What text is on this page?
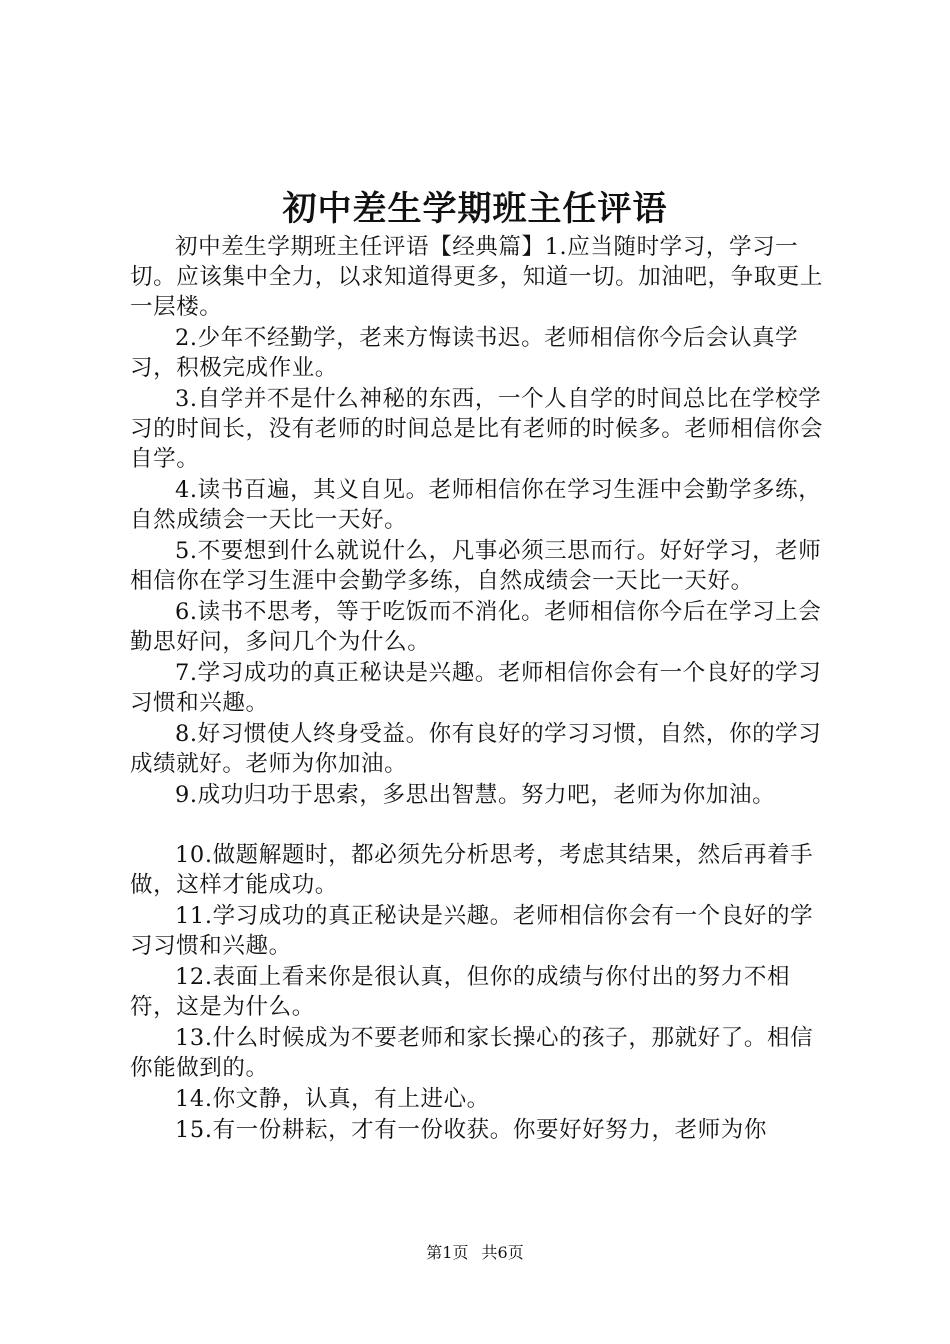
初中差生学期班主任评语

初中差生学期班主任评语【经典篇】1.应当随时学习，学习一切。应该集中全力，以求知道得更多，知道一切。加油吧，争取更上一层楼。

2.少年不经勤学，老来方悔读书迟。老师相信你今后会认真学习，积极完成作业。

3.自学并不是什么神秘的东西，一个人自学的时间总比在学校学习的时间长，没有老师的时间总是比有老师的时候多。老师相信你会自学。

4.读书百遍，其义自见。老师相信你在学习生涯中会勤学多练，自然成绩会一天比一天好。

5.不要想到什么就说什么，凡事必须三思而行。好好学习，老师相信你在学习生涯中会勤学多练，自然成绩会一天比一天好。

6.读书不思考，等于吃饭而不消化。老师相信你今后在学习上会勤思好问，多问几个为什么。

7.学习成功的真正秘诀是兴趣。老师相信你会有一个良好的学习习惯和兴趣。

8.好习惯使人终身受益。你有良好的学习习惯，自然，你的学习成绩就好。老师为你加油。

9.成功归功于思索，多思出智慧。努力吧，老师为你加油。

10.做题解题时，都必须先分析思考，考虑其结果，然后再着手做，这样才能成功。

11.学习成功的真正秘诀是兴趣。老师相信你会有一个良好的学习习惯和兴趣。

12.表面上看来你是很认真，但你的成绩与你付出的努力不相符，这是为什么。

13.什么时候成为不要老师和家长操心的孩子，那就好了。相信你能做到的。

14.你文静，认真，有上进心。

15.有一份耕耘，才有一份收获。你要好好努力，老师为你

第1页 共6页
